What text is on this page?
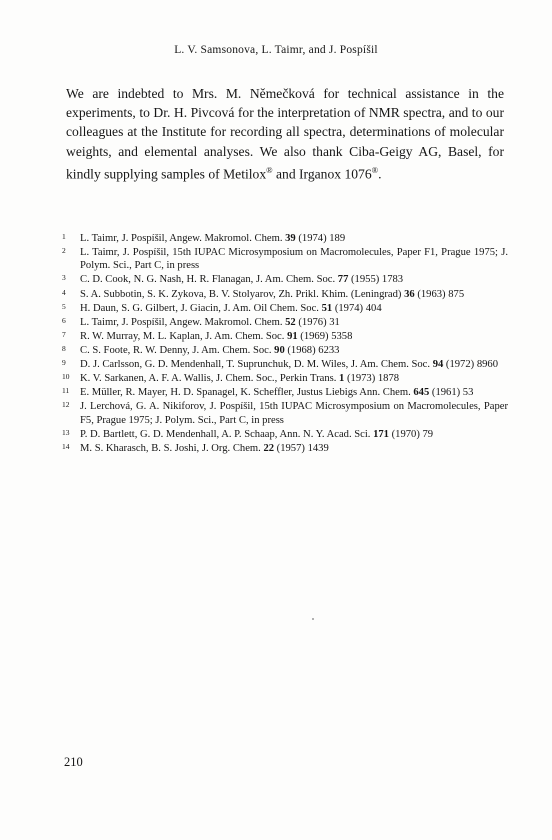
L. V. Samsonova, L. Taimr, and J. Pospíšil

We are indebted to Mrs. M. Němečková for technical assistance in the experiments, to Dr. H. Pivcová for the interpretation of NMR spectra, and to our colleagues at the Institute for recording all spectra, determinations of molecular weights, and elemental analyses. We also thank Ciba-Geigy AG, Basel, for kindly supplying samples of Metilox® and Irganox 1076®.

1	L. Taimr, J. Pospíšil, Angew. Makromol. Chem. 39 (1974) 189
2	L. Taimr, J. Pospíšil, 15th IUPAC Microsymposium on Macromolecules, Paper F1, Prague 1975; J. Polym. Sci., Part C, in press
3	C. D. Cook, N. G. Nash, H. R. Flanagan, J. Am. Chem. Soc. 77 (1955) 1783
4	S. A. Subbotin, S. K. Zykova, B. V. Stolyarov, Zh. Prikl. Khim. (Leningrad) 36 (1963) 875
5	H. Daun, S. G. Gilbert, J. Giacin, J. Am. Oil Chem. Soc. 51 (1974) 404
6	L. Taimr, J. Pospíšil, Angew. Makromol. Chem. 52 (1976) 31
7	R. W. Murray, M. L. Kaplan, J. Am. Chem. Soc. 91 (1969) 5358
8	C. S. Foote, R. W. Denny, J. Am. Chem. Soc. 90 (1968) 6233
9	D. J. Carlsson, G. D. Mendenhall, T. Suprunchuk, D. M. Wiles, J. Am. Chem. Soc. 94 (1972) 8960
10 K. V. Sarkanen, A. F. A. Wallis, J. Chem. Soc., Perkin Trans. 1 (1973) 1878
11	E. Müller, R. Mayer, H. D. Spanagel, K. Scheffler, Justus Liebigs Ann. Chem. 645 (1961) 53
12 J. Lerchová, G. A. Nikiforov, J. Pospíšil, 15th IUPAC Microsymposium on Macromolecules, Paper F5, Prague 1975; J. Polym. Sci., Part C, in press
13 P. D. Bartlett, G. D. Mendenhall, A. P. Schaap, Ann. N. Y. Acad. Sci. 171 (1970) 79
14 M. S. Kharasch, B. S. Joshi, J. Org. Chem. 22 (1957) 1439
210
